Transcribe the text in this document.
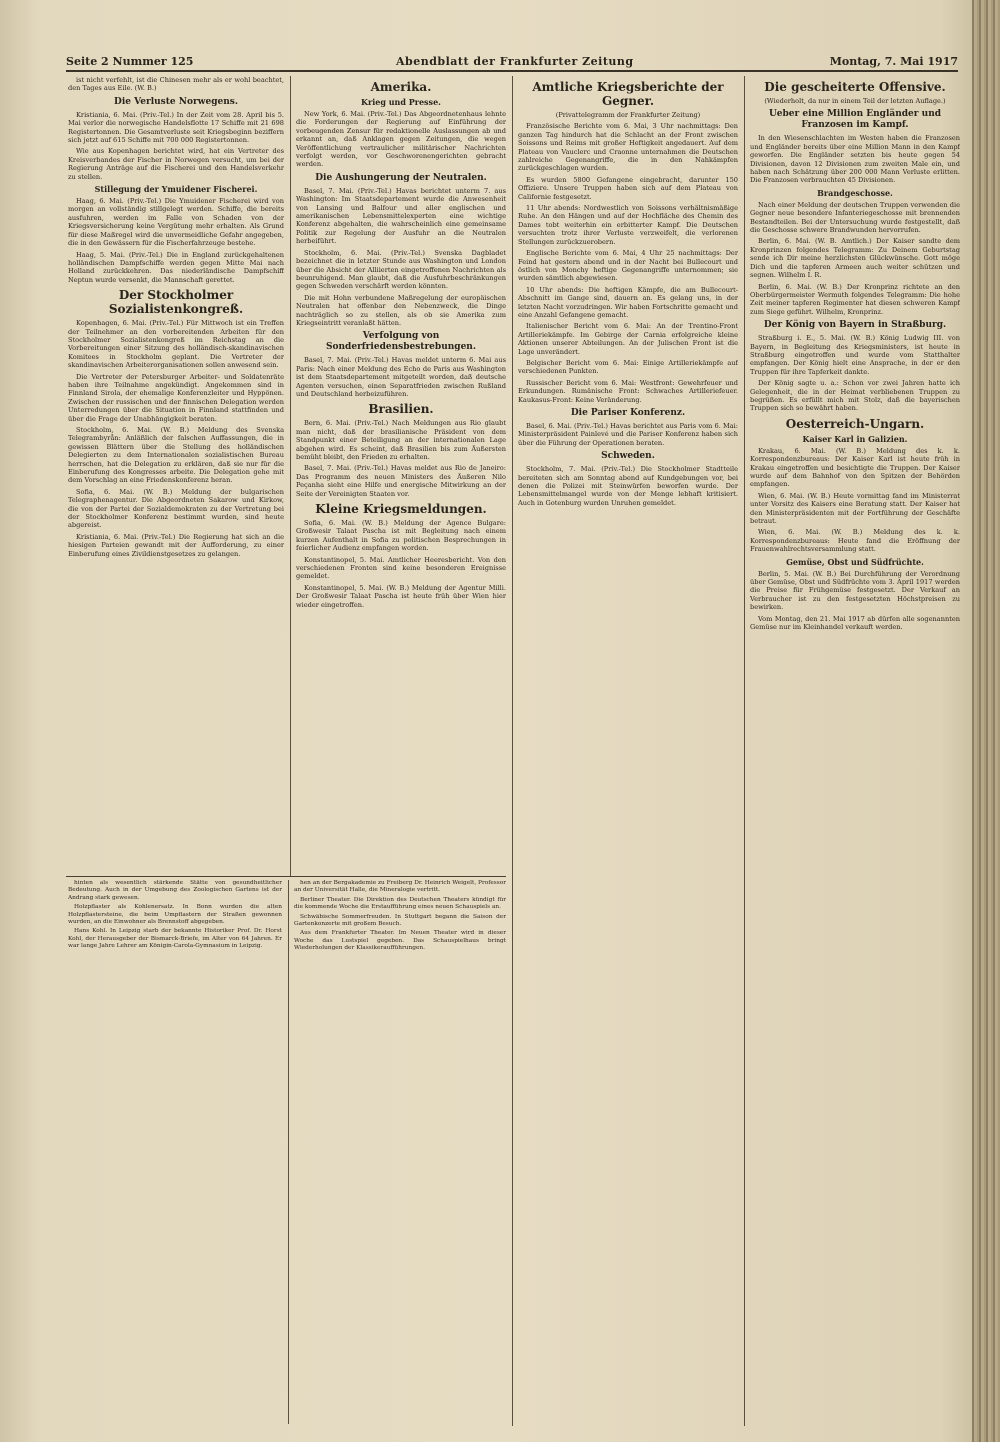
Seite 2 Nummer 125	Abendblatt der Frankfurter Zeitung	Montag, 7. Mai 1917

ist nicht verfehlt, ist die Chinesen mehr als er wohl beachtet, den Tages aus Eile. (W. B.)

Die Verluste Norwegens.

Kristiania, 6. Mai. (Priv.-Tel.) In der Zeit vom 28. April bis 5. Mai verlor die norwegische Handelsflotte 17 Schiffe mit 21 698 Registertonnen. Die Gesamtverluste seit Kriegsbeginn beziffern sich jetzt auf 615 Schiffe mit 700 000 Registertonnen.

Wie aus Kopenhagen berichtet wird, hat ein Vertreter des Kreisverbandes der Fischer in Norwegen versucht, um bei der Regierung Anträge auf die Fischerei und den Handelsverkehr zu stellen.

Stillegung der Ymuidener Fischerei.

Haag, 6. Mai. (Priv.-Tel.) Die Ymuidener Fischerei wird von morgen an vollständig stillgelegt werden. Schiffe, die bereits ausfuhren, werden im Falle von Schaden von der Kriegsversicherung keine Vergütung mehr erhalten. Als Grund für diese Maßregel wird die unvermeidliche Gefahr angegeben, die in den Gewässern für die Fischerfahrzeuge bestehe.

Haag, 5. Mai. (Priv.-Tel.) Die in England zurückgehaltenen holländischen Dampfschiffe werden gegen Mitte Mai nach Holland zurückkehren. Das niederländische Dampfschiff Neptun wurde versenkt, die Mannschaft gerettet.

Der Stockholmer Sozialistenkongreß.

Kopenhagen, 6. Mai. (Priv.-Tel.) Für Mittwoch ist ein Treffen der Teilnehmer an den vorbereitenden Arbeiten für den Stockholmer Sozialistenkongreß im Reichstag an die Vorbereitungen einer Sitzung des holländisch-skandinavischen Komitees in Stockholm geplant. Die Vertreter der skandinavischen Arbeiterorganisationen sollen anwesend sein.

Die Vertreter der Petersburger Arbeiter- und Soldatenräte haben ihre Teilnahme angekündigt. Angekommen sind in Finnland Sirola, der ehemalige Konferenzleiter und Hyppönen. Zwischen der russischen und der finnischen Delegation werden Unterredungen über die Situation in Finnland stattfinden und über die Frage der Unabhängigkeit beraten.

Stockholm, 6. Mai. (W. B.) Meldung des Svenska Telegrambyrån: Anläßlich der falschen Auffassungen, die in gewissen Blättern über die Stellung des holländischen Delegierten zu dem Internationalen sozialistischen Bureau herrschen, hat die Delegation zu erklären, daß sie nur für die Einberufung des Kongresses arbeite. Die Delegation gehe mit dem Vorschlag an eine Friedenskonferenz heran.

Sofia, 6. Mai. (W. B.) Meldung der bulgarischen Telegraphenagentur. Die Abgeordneten Sakarow und Kirkow, die von der Partei der Sozialdemokraten zu der Vertretung bei der Stockholmer Konferenz bestimmt wurden, sind heute abgereist.

Kristiania, 6. Mai. (Priv.-Tel.) Die Regierung hat sich an die hiesigen Parteien gewandt mit der Aufforderung, zu einer Einberufung eines Zivildienstgesetzes zu gelangen.

Amerika.
Krieg und Presse.

New York, 6. Mai. (Priv.-Tel.) Das Abgeordnetenhaus lehnte die Forderungen der Regierung auf Einführung der vorbeugenden Zensur für redaktionelle Auslassungen ab und erkannt an, daß Anklagen gegen Zeitungen, die wegen Veröffentlichung vertraulicher militärischer Nachrichten verfolgt werden, vor Geschworenengerichten gebracht werden.

Die Aushungerung der Neutralen.

Basel, 7. Mai. (Priv.-Tel.) Havas berichtet unterm 7. aus Washington: Im Staatsdepartement wurde die Anwesenheit von Lansing und Balfour und aller englischen und amerikanischen Lebensmittelexperten eine wichtige Konferenz abgehalten, die wahrscheinlich eine gemeinsame Politik zur Regelung der Ausfuhr an die Neutralen herbeiführt.

Stockholm, 6. Mai. (Priv.-Tel.) Svenska Dagbladet bezeichnet die in letzter Stunde aus Washington und London über die Absicht der Alliierten eingetroffenen Nachrichten als beunruhigend. Man glaubt, daß die Ausfuhrbeschränkungen gegen Schweden verschärft werden könnten.

Die mit Hohn verbundene Maßregelung der europäischen Neutralen hat offenbar den Nebenzweck, die Dinge nachträglich so zu stellen, als ob sie Amerika zum Kriegseintritt veranlaßt hätten.

Verfolgung von Sonderfriedensbestrebungen.

Basel, 7. Mai. (Priv.-Tel.) Havas meldet unterm 6. Mai aus Paris: Nach einer Meldung des Echo de Paris aus Washington ist dem Staatsdepartement mitgeteilt worden, daß deutsche Agenten versuchen, einen Separatfrieden zwischen Rußland und Deutschland herbeizuführen.

Brasilien.

Bern, 6. Mai. (Priv.-Tel.) Nach Meldungen aus Rio glaubt man nicht, daß der brasilianische Präsident von dem Standpunkt einer Beteiligung an der internationalen Lage abgehen wird. Es scheint, daß Brasilien bis zum Äußersten bemüht bleibt, den Frieden zu erhalten.

Basel, 7. Mai. (Priv.-Tel.) Havas meldet aus Rio de Janeiro: Das Programm des neuen Ministers des Äußeren Nilo Peçanha sieht eine Hilfe und energische Mitwirkung an der Seite der Vereinigten Staaten vor.

Kleine Kriegsmeldungen.

Sofia, 6. Mai. (W. B.) Meldung der Agence Bulgare: Großwesir Talaat Pascha ist mit Begleitung nach einem kurzen Aufenthalt in Sofia zu politischen Besprechungen in feierlicher Audienz empfangen worden.

Konstantinopel, 5. Mai. Amtlicher Heeresbericht. Von den verschiedenen Fronten sind keine besonderen Ereignisse gemeldet.

Konstantinopel, 5. Mai. (W. B.) Meldung der Agentur Milli. Der Großwesir Talaat Pascha ist heute früh über Wien hier wieder eingetroffen.

Amtliche Kriegsberichte der Gegner.

(Privattelegramm der Frankfurter Zeitung)

Französische Berichte vom 6. Mai, 3 Uhr nachmittags: Den ganzen Tag hindurch hat die Schlacht an der Front zwischen Soissons und Reims mit großer Heftigkeit angedauert. Auf dem Plateau von Vauclerc und Craonne unternahmen die Deutschen zahlreiche Gegenangriffe, die in den Nahkämpfen zurückgeschlagen wurden.

Es wurden 5800 Gefangene eingebracht, darunter 150 Offiziere. Unsere Truppen haben sich auf dem Plateau von Californie festgesetzt.

11 Uhr abends: Nordwestlich von Soissons verhältnismäßige Ruhe. An den Hängen und auf der Hochfläche des Chemin des Dames tobt weiterhin ein erbitterter Kampf. Die Deutschen versuchten trotz ihrer Verluste verzweifelt, die verlorenen Stellungen zurückzuerobern.

Englische Berichte vom 6. Mai, 4 Uhr 25 nachmittags: Der Feind hat gestern abend und in der Nacht bei Bullecourt und östlich von Monchy heftige Gegenangriffe unternommen; sie wurden sämtlich abgewiesen.

10 Uhr abends: Die heftigen Kämpfe, die am Bullecourt-Abschnitt im Gange sind, dauern an. Es gelang uns, in der letzten Nacht vorzudringen. Wir haben Fortschritte gemacht und eine Anzahl Gefangene gemacht.

Italienischer Bericht vom 6. Mai: An der Trentino-Front Artilleriekämpfe. Im Gebirge der Carnia erfolgreiche kleine Aktionen unserer Abteilungen. An der Julischen Front ist die Lage unverändert.

Belgischer Bericht vom 6. Mai: Einige Artilleriekämpfe auf verschiedenen Punkten.

Russischer Bericht vom 6. Mai: Westfront: Gewehrfeuer und Erkundungen. Rumänische Front: Schwaches Artilleriefeuer. Kaukasus-Front: Keine Veränderung.

Die Pariser Konferenz.

Basel, 6. Mai. (Priv.-Tel.) Havas berichtet aus Paris vom 6. Mai: Ministerpräsident Painlevé und die Pariser Konferenz haben sich über die Führung der Operationen beraten.

Schweden.

Stockholm, 7. Mai. (Priv.-Tel.) Die Stockholmer Stadtteile bereiteten sich am Sonntag abend auf Kundgebungen vor, bei denen die Polizei mit Steinwürfen beworfen wurde. Der Lebensmittelmangel wurde von der Menge lebhaft kritisiert. Auch in Gotenburg wurden Unruhen gemeldet.

Die gescheiterte Offensive.

(Wiederholt, da nur in einem Teil der letzten Auflage.)

Ueber eine Million Engländer und Franzosen im Kampf.

In den Wiesenschlachten im Westen haben die Franzosen und Engländer bereits über eine Million Mann in den Kampf geworfen. Die Engländer setzten bis heute gegen 54 Divisionen, davon 12 Divisionen zum zweiten Male ein, und haben nach Schätzung über 200 000 Mann Verluste erlitten. Die Franzosen verbrauchten 45 Divisionen.

Brandgeschosse.

Nach einer Meldung der deutschen Truppen verwenden die Gegner neue besondere Infanteriegeschosse mit brennenden Bestandteilen. Bei der Untersuchung wurde festgestellt, daß die Geschosse schwere Brandwunden hervorrufen.

Berlin, 6. Mai. (W. B. Amtlich.) Der Kaiser sandte dem Kronprinzen folgendes Telegramm: Zu Deinem Geburtstag sende ich Dir meine herzlichsten Glückwünsche. Gott möge Dich und die tapferen Armeen auch weiter schützen und segnen. Wilhelm I. R.

Berlin, 6. Mai. (W. B.) Der Kronprinz richtete an den Oberbürgermeister Wermuth folgendes Telegramm: Die hohe Zeit meiner tapferen Regimenter hat diesen schweren Kampf zum Siege geführt. Wilhelm, Kronprinz.

Der König von Bayern in Straßburg.

Straßburg i. E., 5. Mai. (W. B.) König Ludwig III. von Bayern, in Begleitung des Kriegsministers, ist heute in Straßburg eingetroffen und wurde vom Statthalter empfangen. Der König hielt eine Ansprache, in der er den Truppen für ihre Tapferkeit dankte.

Der König sagte u. a.: Schon vor zwei Jahren hatte ich Gelegenheit, die in der Heimat verbliebenen Truppen zu begrüßen. Es erfüllt mich mit Stolz, daß die bayerischen Truppen sich so bewährt haben.

Oesterreich-Ungarn.
Kaiser Karl in Galizien.

Krakau, 6. Mai. (W. B.) Meldung des k. k. Korrespondenzbureaus: Der Kaiser Karl ist heute früh in Krakau eingetroffen und besichtigte die Truppen. Der Kaiser wurde auf dem Bahnhof von den Spitzen der Behörden empfangen.

Wien, 6. Mai. (W. B.) Heute vormittag fand im Ministerrat unter Vorsitz des Kaisers eine Beratung statt. Der Kaiser hat den Ministerpräsidenten mit der Fortführung der Geschäfte betraut.

Wien, 6. Mai. (W. B.) Meldung des k. k. Korrespondenzbureaus: Heute fand die Eröffnung der Frauenwahlrechtsversammlung statt.

Gemüse, Obst und Südfrüchte.

Berlin, 5. Mai. (W. B.) Bei Durchführung der Verordnung über Gemüse, Obst und Südfrüchte vom 3. April 1917 werden die Preise für Frühgemüse festgesetzt. Der Verkauf an Verbraucher ist zu den festgesetzten Höchstpreisen zu bewirken.

Vom Montag, den 21. Mai 1917 ab dürfen alle sogenannten Gemüse nur im Kleinhandel verkauft werden.

hinten als wesentlich stärkende Stätte von gesundheitlicher Bedeutung. Auch in der Umgebung des Zoologischen Gartens ist der Andrang stark gewesen.

Holzpflaster als Kohlenersatz. In Bonn wurden die alten Holzpflastersteine, die beim Umpflastern der Straßen gewonnen wurden, an die Einwohner als Brennstoff abgegeben.

Hans Kohl. In Leipzig starb der bekannte Historiker Prof. Dr. Horst Kohl, der Herausgeber der Bismarck-Briefe, im Alter von 64 Jahren. Er war lange Jahre Lehrer am Königin-Carola-Gymnasium in Leipzig.

hen an der Bergakademie zu Freiberg Dr. Heinrich Weigelt, Professor an der Universität Halle, die Mineralogie vertritt.

Berliner Theater. Die Direktion des Deutschen Theaters kündigt für die kommende Woche die Erstaufführung eines neuen Schauspiels an.

Schwäbische Sommerfreuden. In Stuttgart begann die Saison der Gartenkonzerte mit großem Besuch.

Aus dem Frankfurter Theater. Im Neuen Theater wird in dieser Woche das Lustspiel gegeben. Das Schauspielhaus bringt Wiederholungen der Klassikeraufführungen.
